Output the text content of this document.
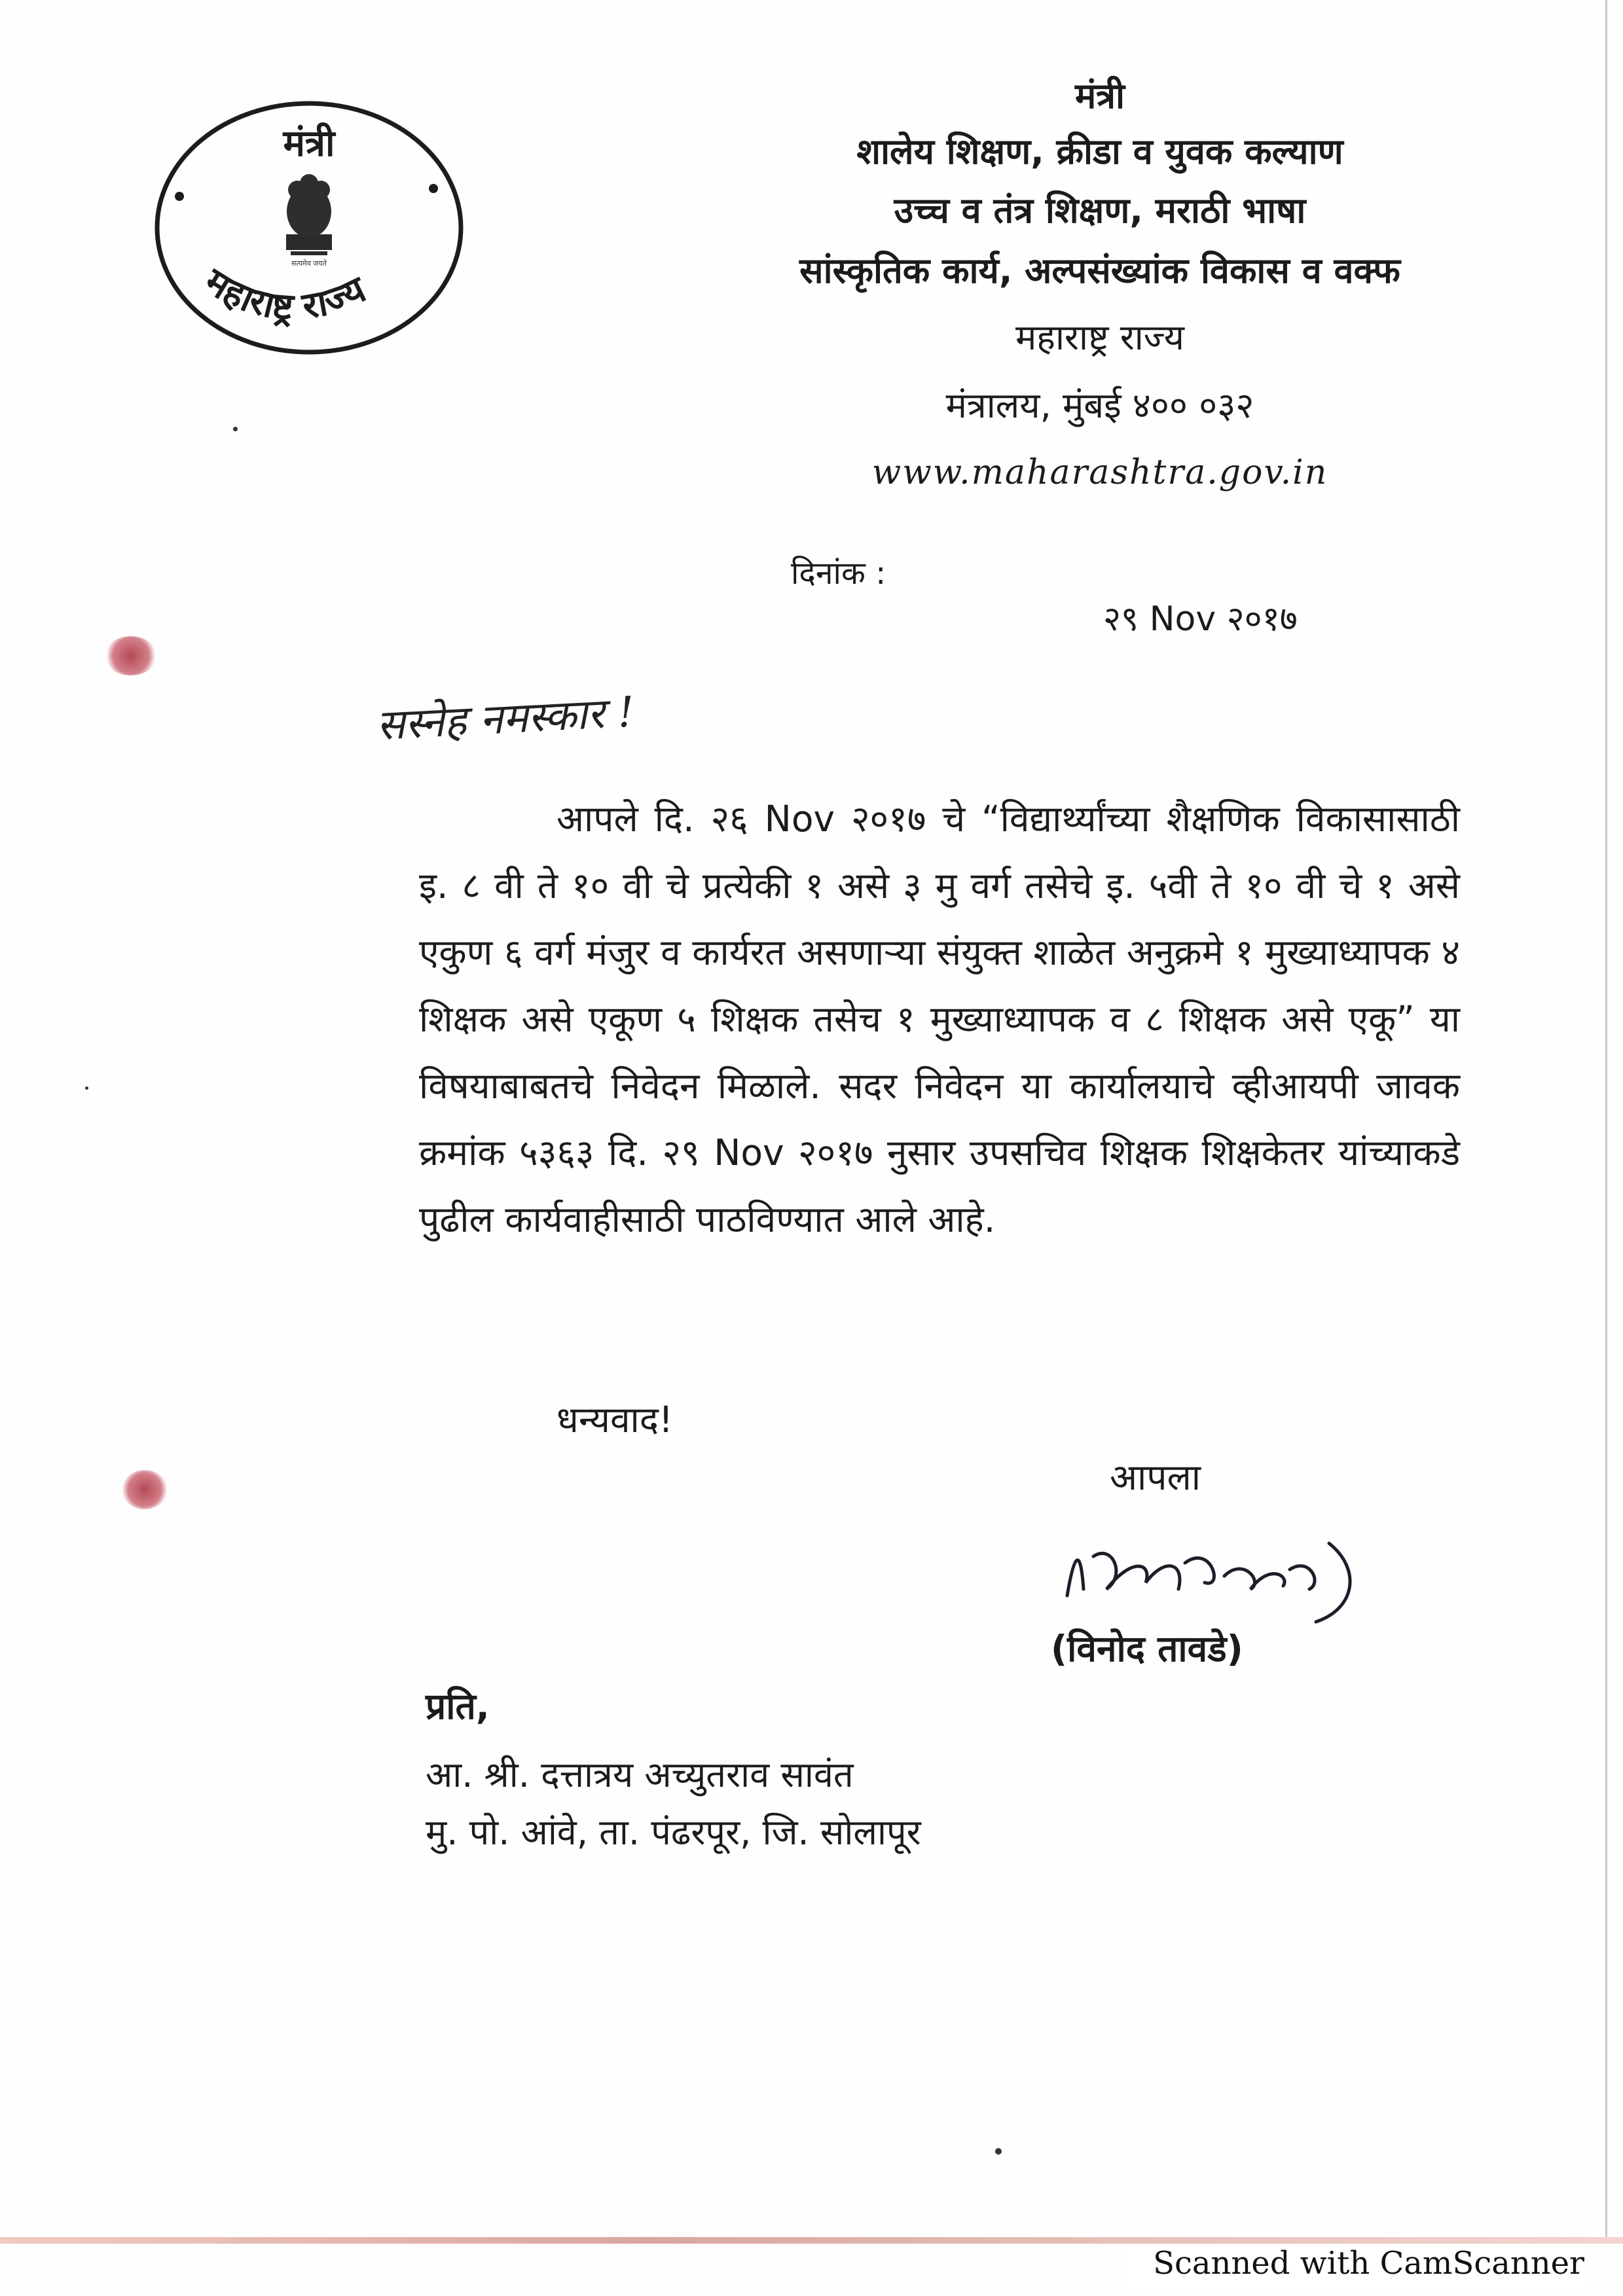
मंत्री
सत्यमेव जयते
महाराष्ट्र राज्य
मंत्री
शालेय शिक्षण, क्रीडा व युवक कल्याण
उच्च व तंत्र शिक्षण, मराठी भाषा
सांस्कृतिक कार्य, अल्पसंख्यांक विकास व वक्फ
महाराष्ट्र राज्य
मंत्रालय, मुंबई ४०० ०३२
www.maharashtra.gov.in
दिनांक :
२९ Nov २०१७
सस्नेह नमस्कार !
आपले दि. २६ Nov २०१७ चे “विद्यार्थ्यांच्या शैक्षणिक विकासासाठी इ. ८ वी ते १० वी चे प्रत्येकी १ असे ३ मु वर्ग तसेचे इ. ५वी ते १० वी चे १ असे एकुण ६ वर्ग मंजुर व कार्यरत असणाऱ्या संयुक्त शाळेत अनुक्रमे १ मुख्याध्यापक ४ शिक्षक असे एकूण ५ शिक्षक तसेच १ मुख्याध्यापक व ८ शिक्षक असे एकू” या विषयाबाबतचे निवेदन मिळाले. सदर निवेदन या कार्यालयाचे व्हीआयपी जावक क्रमांक ५३६३ दि. २९ Nov २०१७ नुसार उपसचिव शिक्षक शिक्षकेतर यांच्याकडे पुढील कार्यवाहीसाठी पाठविण्यात आले आहे.
धन्यवाद!
आपला
(विनोद तावडे)
प्रति,
आ. श्री. दत्तात्रय अच्युतराव सावंत
मु. पो. आंवे, ता. पंढरपूर, जि. सोलापूर
Scanned with CamScanner
